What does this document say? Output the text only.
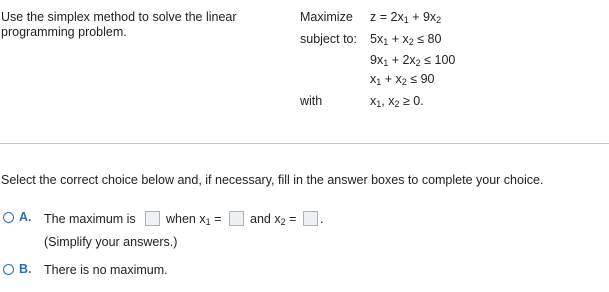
Use the simplex method to solve the linear programming problem.
Maximize $z = 2x_1 + 9x_2$
subject to: $5x_1 + x_2 \le 80$
$9x_1 + 2x_2 \le 100$
$x_1 + x_2 \le 90$
with	$x_1$, $x_2 \ge 0$.
Select the correct choice below and, if necessary, fill in the answer boxes to complete your choice.
A. The maximum is when $x_1$ = and $x_2$ = .
(Simplify your answers.)
B. There is no maximum.
